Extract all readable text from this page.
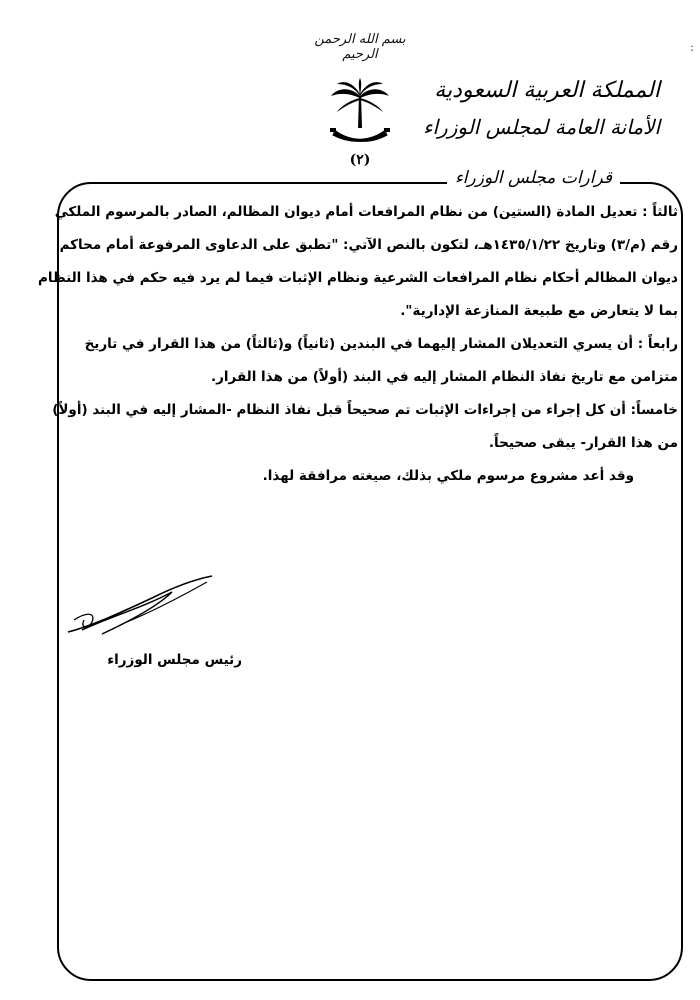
بسم الله الرحمن الرحيم
(٢)
المملكة العربية السعودية
الأمانة العامة لمجلس الوزراء
:
قرارات مجلس الوزراء

ثالثاً : تعديل المادة (الستين) من نظام المرافعات أمام ديوان المظالم، الصادر بالمرسوم الملكي رقم (م/٣) وتاريخ ١٤٣٥/١/٢٢هـ، لتكون بالنص الآتي: "تطبق على الدعاوى المرفوعة أمام محاكم ديوان المظالم أحكام نظام المرافعات الشرعية ونظام الإثبات فيما لم يرد فيه حكم في هذا النظام بما لا يتعارض مع طبيعة المنازعة الإدارية".

رابعاً : أن يسري التعديلان المشار إليهما في البندين (ثانياً) و(ثالثاً) من هذا القرار في تاريخ متزامن مع تاريخ نفاذ النظام المشار إليه في البند (أولاً) من هذا القرار.

خامساً: أن كل إجراء من إجراءات الإثبات تم صحيحاً قبل نفاذ النظام -المشار إليه في البند (أولاً) من هذا القرار- يبقى صحيحاً.

وقد أعد مشروع مرسوم ملكي بذلك، صيغته مرافقة لهذا.

رئيس مجلس الوزراء
